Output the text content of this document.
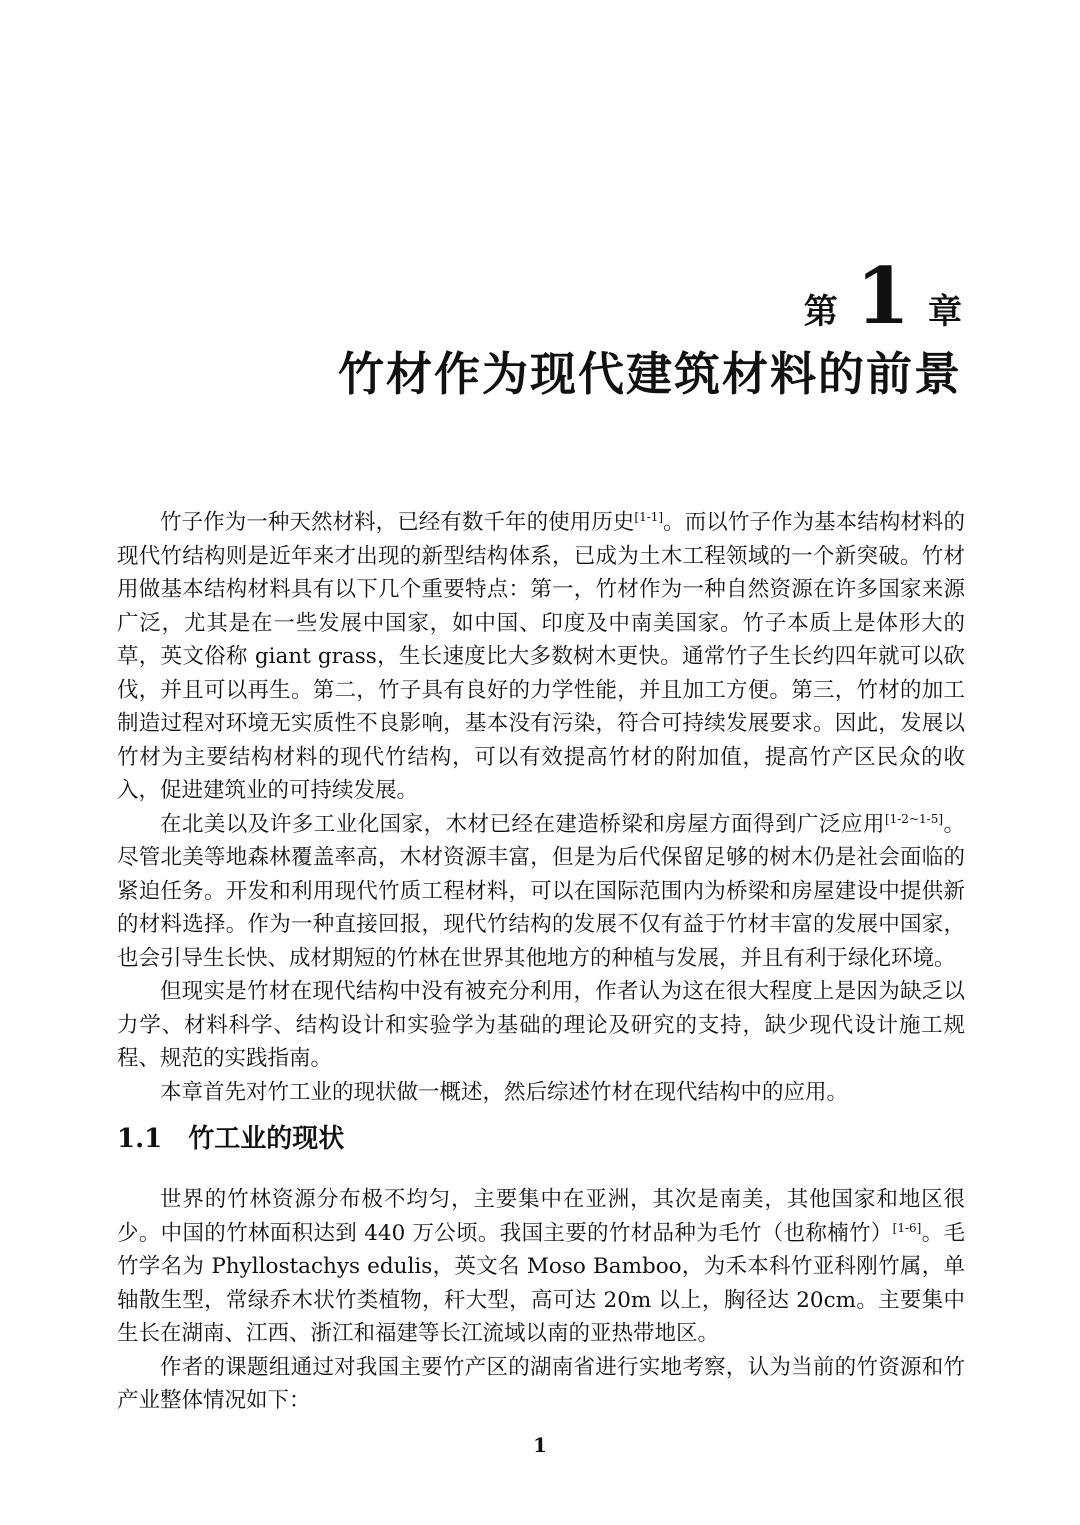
第 1 章
竹材作为现代建筑材料的前景

竹子作为一种天然材料，已经有数千年的使用历史[1-1]。而以竹子作为基本结构材料的现代竹结构则是近年来才出现的新型结构体系，已成为土木工程领域的一个新突破。竹材用做基本结构材料具有以下几个重要特点：第一，竹材作为一种自然资源在许多国家来源广泛，尤其是在一些发展中国家，如中国、印度及中南美国家。竹子本质上是体形大的草，英文俗称 giant grass，生长速度比大多数树木更快。通常竹子生长约四年就可以砍伐，并且可以再生。第二，竹子具有良好的力学性能，并且加工方便。第三，竹材的加工制造过程对环境无实质性不良影响，基本没有污染，符合可持续发展要求。因此，发展以竹材为主要结构材料的现代竹结构，可以有效提高竹材的附加值，提高竹产区民众的收入，促进建筑业的可持续发展。

在北美以及许多工业化国家，木材已经在建造桥梁和房屋方面得到广泛应用[1-2~1-5]。尽管北美等地森林覆盖率高，木材资源丰富，但是为后代保留足够的树木仍是社会面临的紧迫任务。开发和利用现代竹质工程材料，可以在国际范围内为桥梁和房屋建设中提供新的材料选择。作为一种直接回报，现代竹结构的发展不仅有益于竹材丰富的发展中国家，也会引导生长快、成材期短的竹林在世界其他地方的种植与发展，并且有利于绿化环境。

但现实是竹材在现代结构中没有被充分利用，作者认为这在很大程度上是因为缺乏以力学、材料科学、结构设计和实验学为基础的理论及研究的支持，缺少现代设计施工规程、规范的实践指南。

本章首先对竹工业的现状做一概述，然后综述竹材在现代结构中的应用。

1.1 竹工业的现状

世界的竹林资源分布极不均匀，主要集中在亚洲，其次是南美，其他国家和地区很少。中国的竹林面积达到 440 万公顷。我国主要的竹材品种为毛竹（也称楠竹）[1-6]。毛竹学名为 Phyllostachys edulis，英文名 Moso Bamboo，为禾本科竹亚科刚竹属，单轴散生型，常绿乔木状竹类植物，秆大型，高可达 20m 以上，胸径达 20cm。主要集中生长在湖南、江西、浙江和福建等长江流域以南的亚热带地区。

作者的课题组通过对我国主要竹产区的湖南省进行实地考察，认为当前的竹资源和竹产业整体情况如下：

1
